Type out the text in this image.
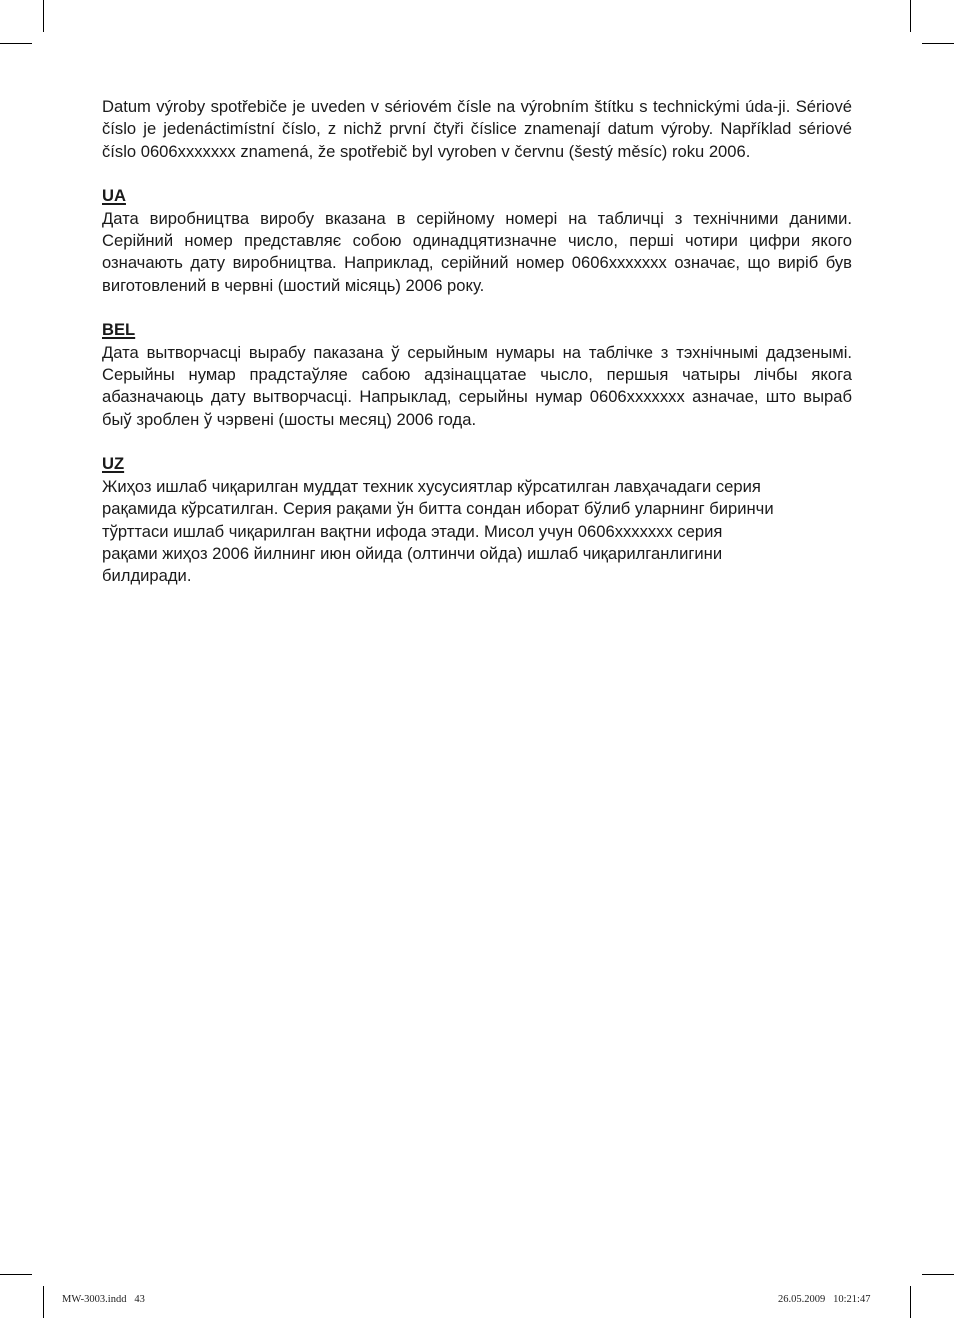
Datum výroby spotřebiče je uveden v sériovém čísle na výrobním štítku s technickými úda-ji. Sériové číslo je jedenáctimístní číslo, z nichž první čtyři číslice znamenají datum výroby. Například sériové číslo 0606xxxxxxx znamená, že spotřebič byl vyroben v červnu (šestý měsíc) roku 2006.

UA

Дата виробництва виробу вказана в серійному номері на табличці з технічними даними. Серійний номер представляє собою одинадцятизначне число, перші чотири цифри якого означають дату виробництва. Наприклад, серійний номер 0606xxxxxxx означає, що виріб був виготовлений в червні (шостий місяць) 2006 року.

BEL

Дата вытворчасці вырабу паказана ў серыйным нумары на таблічке з тэхнічнымі дадзенымі. Серыйны нумар прадстаўляе сабою адзінаццатае чысло, першыя чатыры лічбы якога абазначаюць дату вытворчасці. Напрыклад, серыйны нумар 0606xxxxxxx азначае, што выраб быў зроблен ў чэрвені (шосты месяц) 2006 года.

UZ

Жиҳоз ишлаб чиқарилган муддат техник хусусиятлар кўрсатилган лавҳачадаги серия
рақамида кўрсатилган. Серия рақами ўн битта сондан иборат бўлиб уларнинг биринчи
тўрттаси ишлаб чиқарилган вақтни ифода этади. Мисол учун 0606xxxxxxx серия
рақами жиҳоз 2006 йилнинг июн ойида (олтинчи ойда) ишлаб чиқарилганлигини
билдиради.

MW-3003.indd   43	26.05.2009   10:21:47
